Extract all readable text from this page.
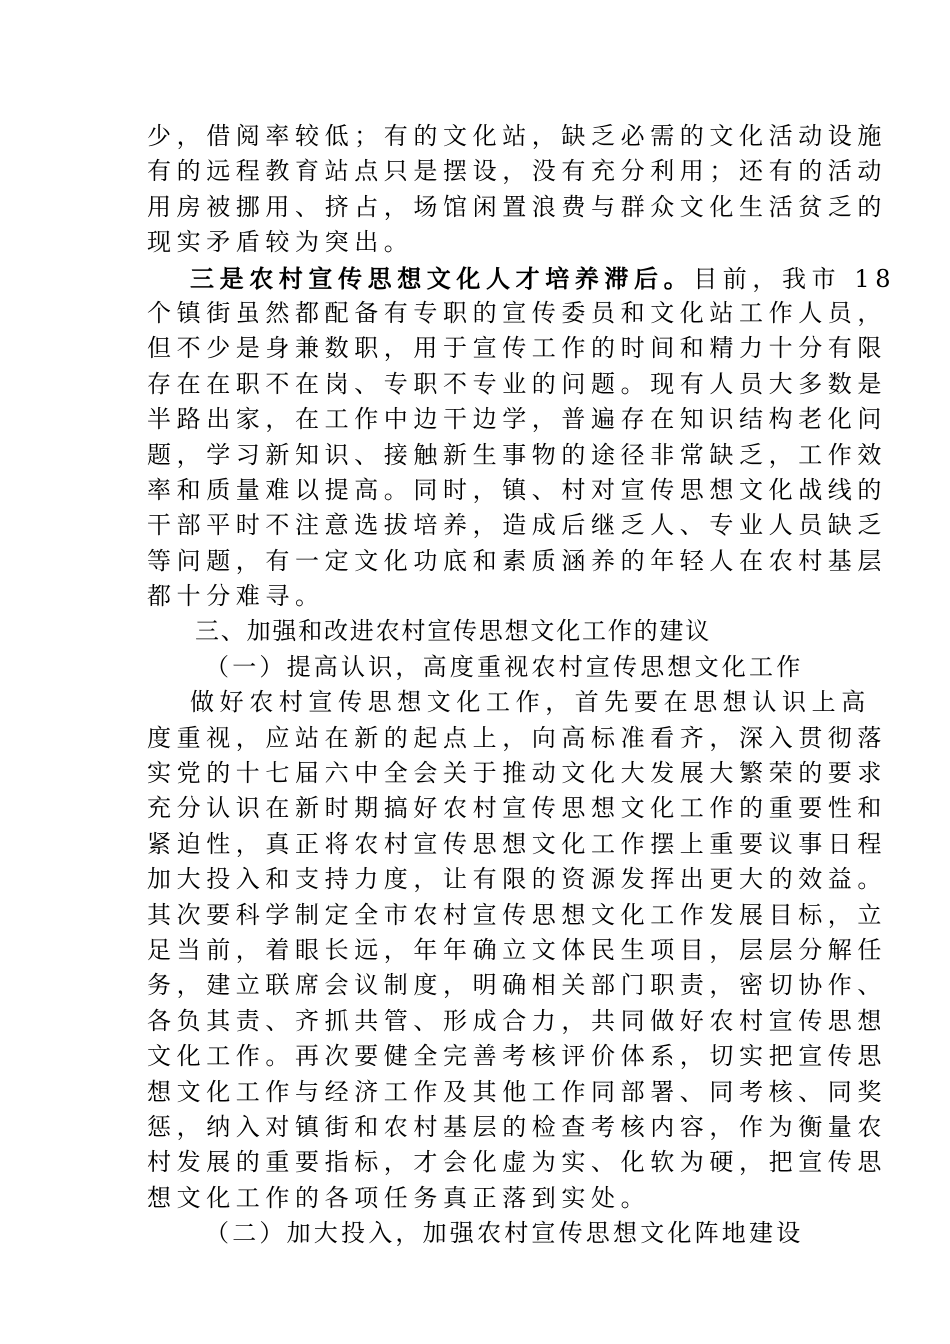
少，借阅率较低；有的文化站，缺乏必需的文化活动设施
有的远程教育站点只是摆设，没有充分利用；还有的活动
用房被挪用、挤占，场馆闲置浪费与群众文化生活贫乏的
现实矛盾较为突出。
三是农村宣传思想文化人才培养滞后。目前，我市 18
个镇街虽然都配备有专职的宣传委员和文化站工作人员，
但不少是身兼数职，用于宣传工作的时间和精力十分有限
存在在职不在岗、专职不专业的问题。现有人员大多数是
半路出家，在工作中边干边学，普遍存在知识结构老化问
题，学习新知识、接触新生事物的途径非常缺乏，工作效
率和质量难以提高。同时，镇、村对宣传思想文化战线的
干部平时不注意选拔培养，造成后继乏人、专业人员缺乏
等问题，有一定文化功底和素质涵养的年轻人在农村基层
都十分难寻。
三、加强和改进农村宣传思想文化工作的建议
（一）提高认识，高度重视农村宣传思想文化工作
做好农村宣传思想文化工作，首先要在思想认识上高
度重视，应站在新的起点上，向高标准看齐，深入贯彻落
实党的十七届六中全会关于推动文化大发展大繁荣的要求
充分认识在新时期搞好农村宣传思想文化工作的重要性和
紧迫性，真正将农村宣传思想文化工作摆上重要议事日程
加大投入和支持力度，让有限的资源发挥出更大的效益。
其次要科学制定全市农村宣传思想文化工作发展目标，立
足当前，着眼长远，年年确立文体民生项目，层层分解任
务，建立联席会议制度，明确相关部门职责，密切协作、
各负其责、齐抓共管、形成合力，共同做好农村宣传思想
文化工作。再次要健全完善考核评价体系，切实把宣传思
想文化工作与经济工作及其他工作同部署、同考核、同奖
惩，纳入对镇街和农村基层的检查考核内容，作为衡量农
村发展的重要指标，才会化虚为实、化软为硬，把宣传思
想文化工作的各项任务真正落到实处。
（二）加大投入，加强农村宣传思想文化阵地建设
